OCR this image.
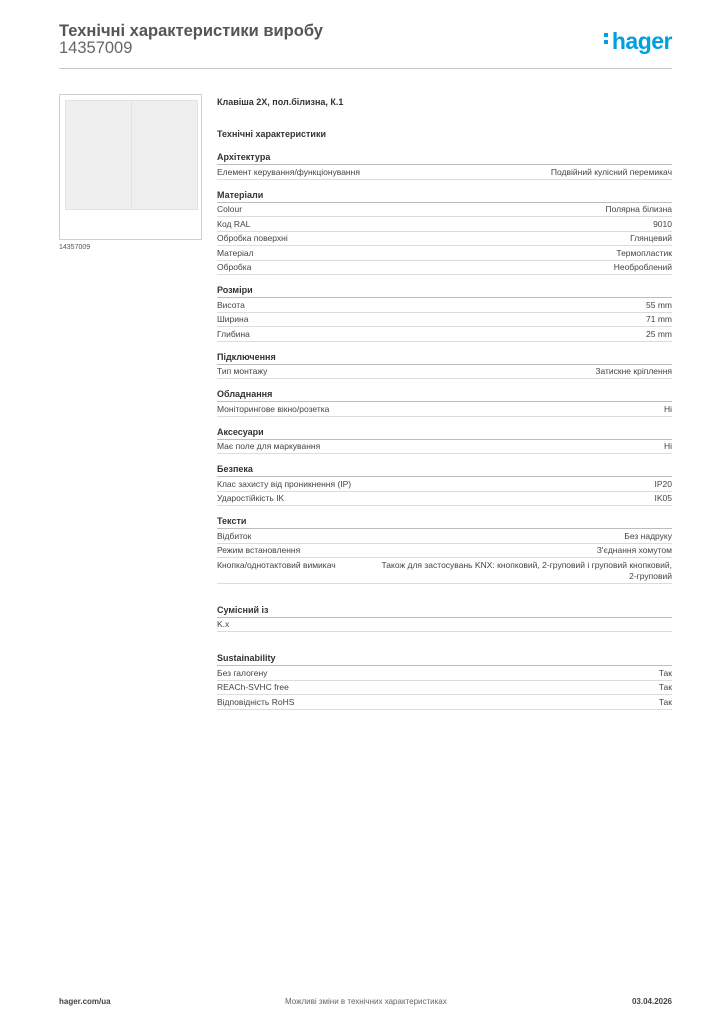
Технічні характеристики виробу
14357009	hager
14357009
Клавіша 2Х, пол.білизна, К.1
Технічні характеристики
Архітектура
Елемент керування/функціонування	Подвійний кулісний перемикач
Матеріали
Colour	Полярна білизна
Код RAL	9010
Обробка поверхні	Глянцевий
Матеріал	Термопластик
Обробка	Необроблений
Розміри
Висота	55 mm
Ширина	71 mm
Глибина	25 mm
Підключення
Тип монтажу	Затискне кріплення
Обладнання
Моніторингове вікно/розетка	Ні
Аксесуари
Має поле для маркування	Ні
Безпека
Клас захисту від проникнення (IP)	IP20
Ударостійкість IK	IK05
Тексти
Відбиток	Без надруку
Режим встановлення	З'єднання хомутом
Кнопка/однотактовий вимикач	Також для застосувань KNX: кнопковий, 2-груповий і груповий кнопковий, 2-груповий
Сумісний із
K.x
Sustainability
Без галогену	Так
REACh-SVHC free	Так
Відповідність RoHS	Так
hager.com/ua	Можливі зміни в технічних характеристиках	03.04.2026
